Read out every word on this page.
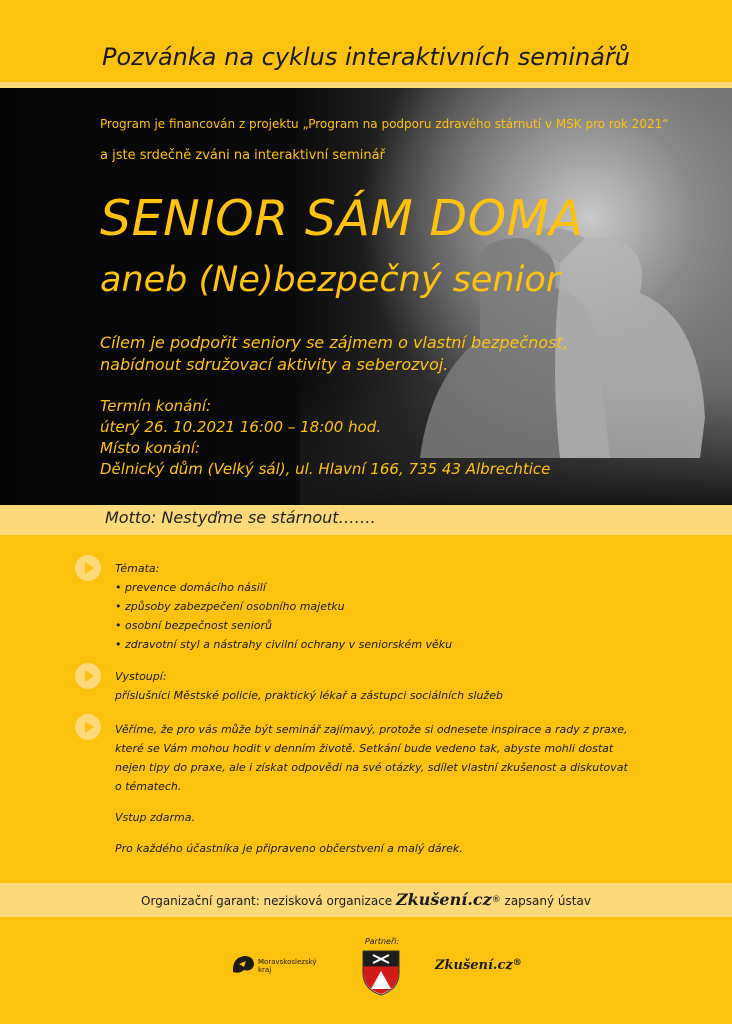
Pozvánka na cyklus interaktivních seminářů
Program je financován z projektu „Program na podporu zdravého stárnutí v MSK pro rok 2021“
a jste srdečně zváni na interaktivní seminář
SENIOR SÁM DOMA
aneb (Ne)bezpečný senior
Cílem je podpořit seniory se zájmem o vlastní bezpečnost,
nabídnout sdružovací aktivity a seberozvoj.
Termín konání:
úterý 26. 10.2021 16:00 – 18:00 hod.
Místo konání:
Dělnický dům (Velký sál), ul. Hlavní 166, 735 43 Albrechtice
Motto: Nestyďme se stárnout…….

Témata:

• prevence domácího násilí

• způsoby zabezpečení osobního majetku

• osobní bezpečnost seniorů

• zdravotní styl a nástrahy civilní ochrany v seniorském věku

Vystoupí:

příslušníci Městské policie, praktický lékař a zástupci sociálních služeb

Věříme, že pro vás může být seminář zajímavý, protože si odnesete inspirace a rady z praxe,

které se Vám mohou hodit v denním životě. Setkání bude vedeno tak, abyste mohli dostat

nejen tipy do praxe, ale i získat odpovědi na své otázky, sdílet vlastní zkušenost a diskutovat

o tématech.

Vstup zdarma.

Pro každého účastníka je připraveno občerstvení a malý dárek.

Organizační garant: nezisková organizace Zkušení.cz® zapsaný ústav
Moravskoslezský kraj
Partneři:
Zkušení.cz®
